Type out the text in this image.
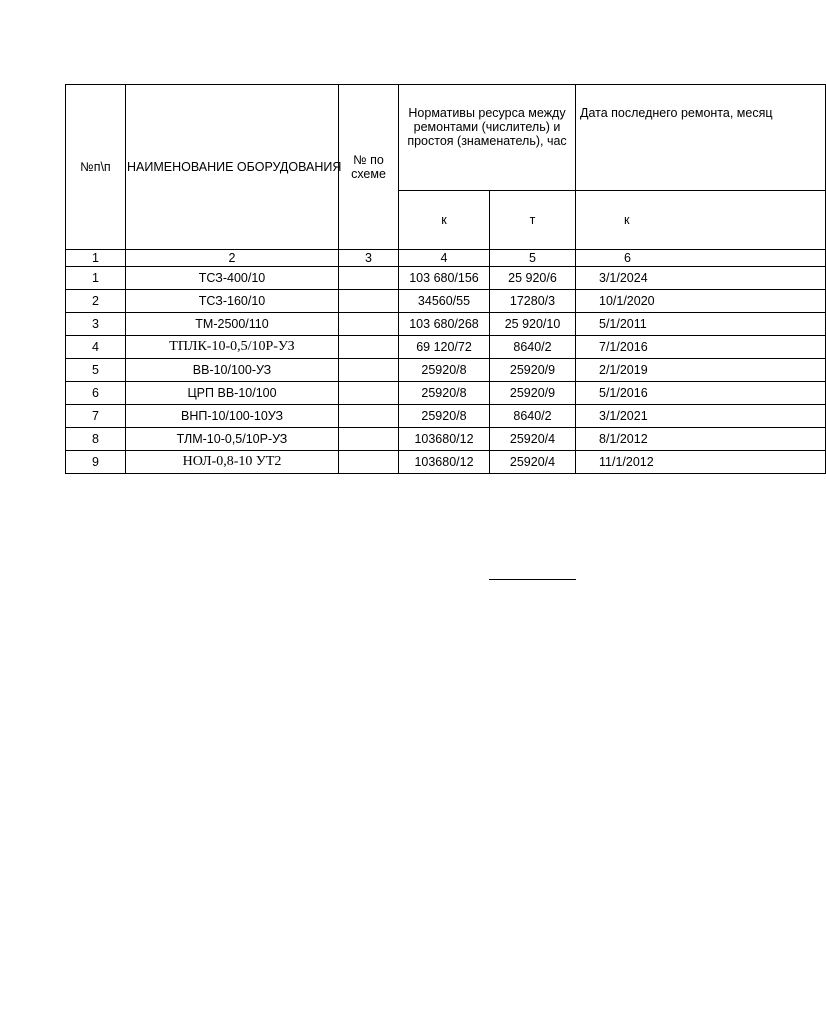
№п\п	НАИМЕНОВАНИЕ ОБОРУДОВАНИЯ	№ по схеме	Нормативы ресурса между ремонтами (числитель) и простоя (знаменатель), час		Дата последнего ремонта, месяц
			к	т	к
1	2	3	4	5	6
1	ТСЗ-400/10		103 680/156	25 920/6	3/1/2024
2	ТСЗ-160/10		34560/55	17280/3	10/1/2020
3	ТМ-2500/110		103 680/268	25 920/10	5/1/2011
4	ТПЛК-10-0,5/10Р-УЗ		69 120/72	8640/2	7/1/2016
5	ВВ-10/100-УЗ		25920/8	25920/9	2/1/2019
6	ЦРП ВВ-10/100		25920/8	25920/9	5/1/2016
7	ВНП-10/100-10УЗ		25920/8	8640/2	3/1/2021
8	ТЛМ-10-0,5/10Р-УЗ		103680/12	25920/4	8/1/2012
9	НОЛ-0,8-10 УТ2		103680/12	25920/4	11/1/2012
